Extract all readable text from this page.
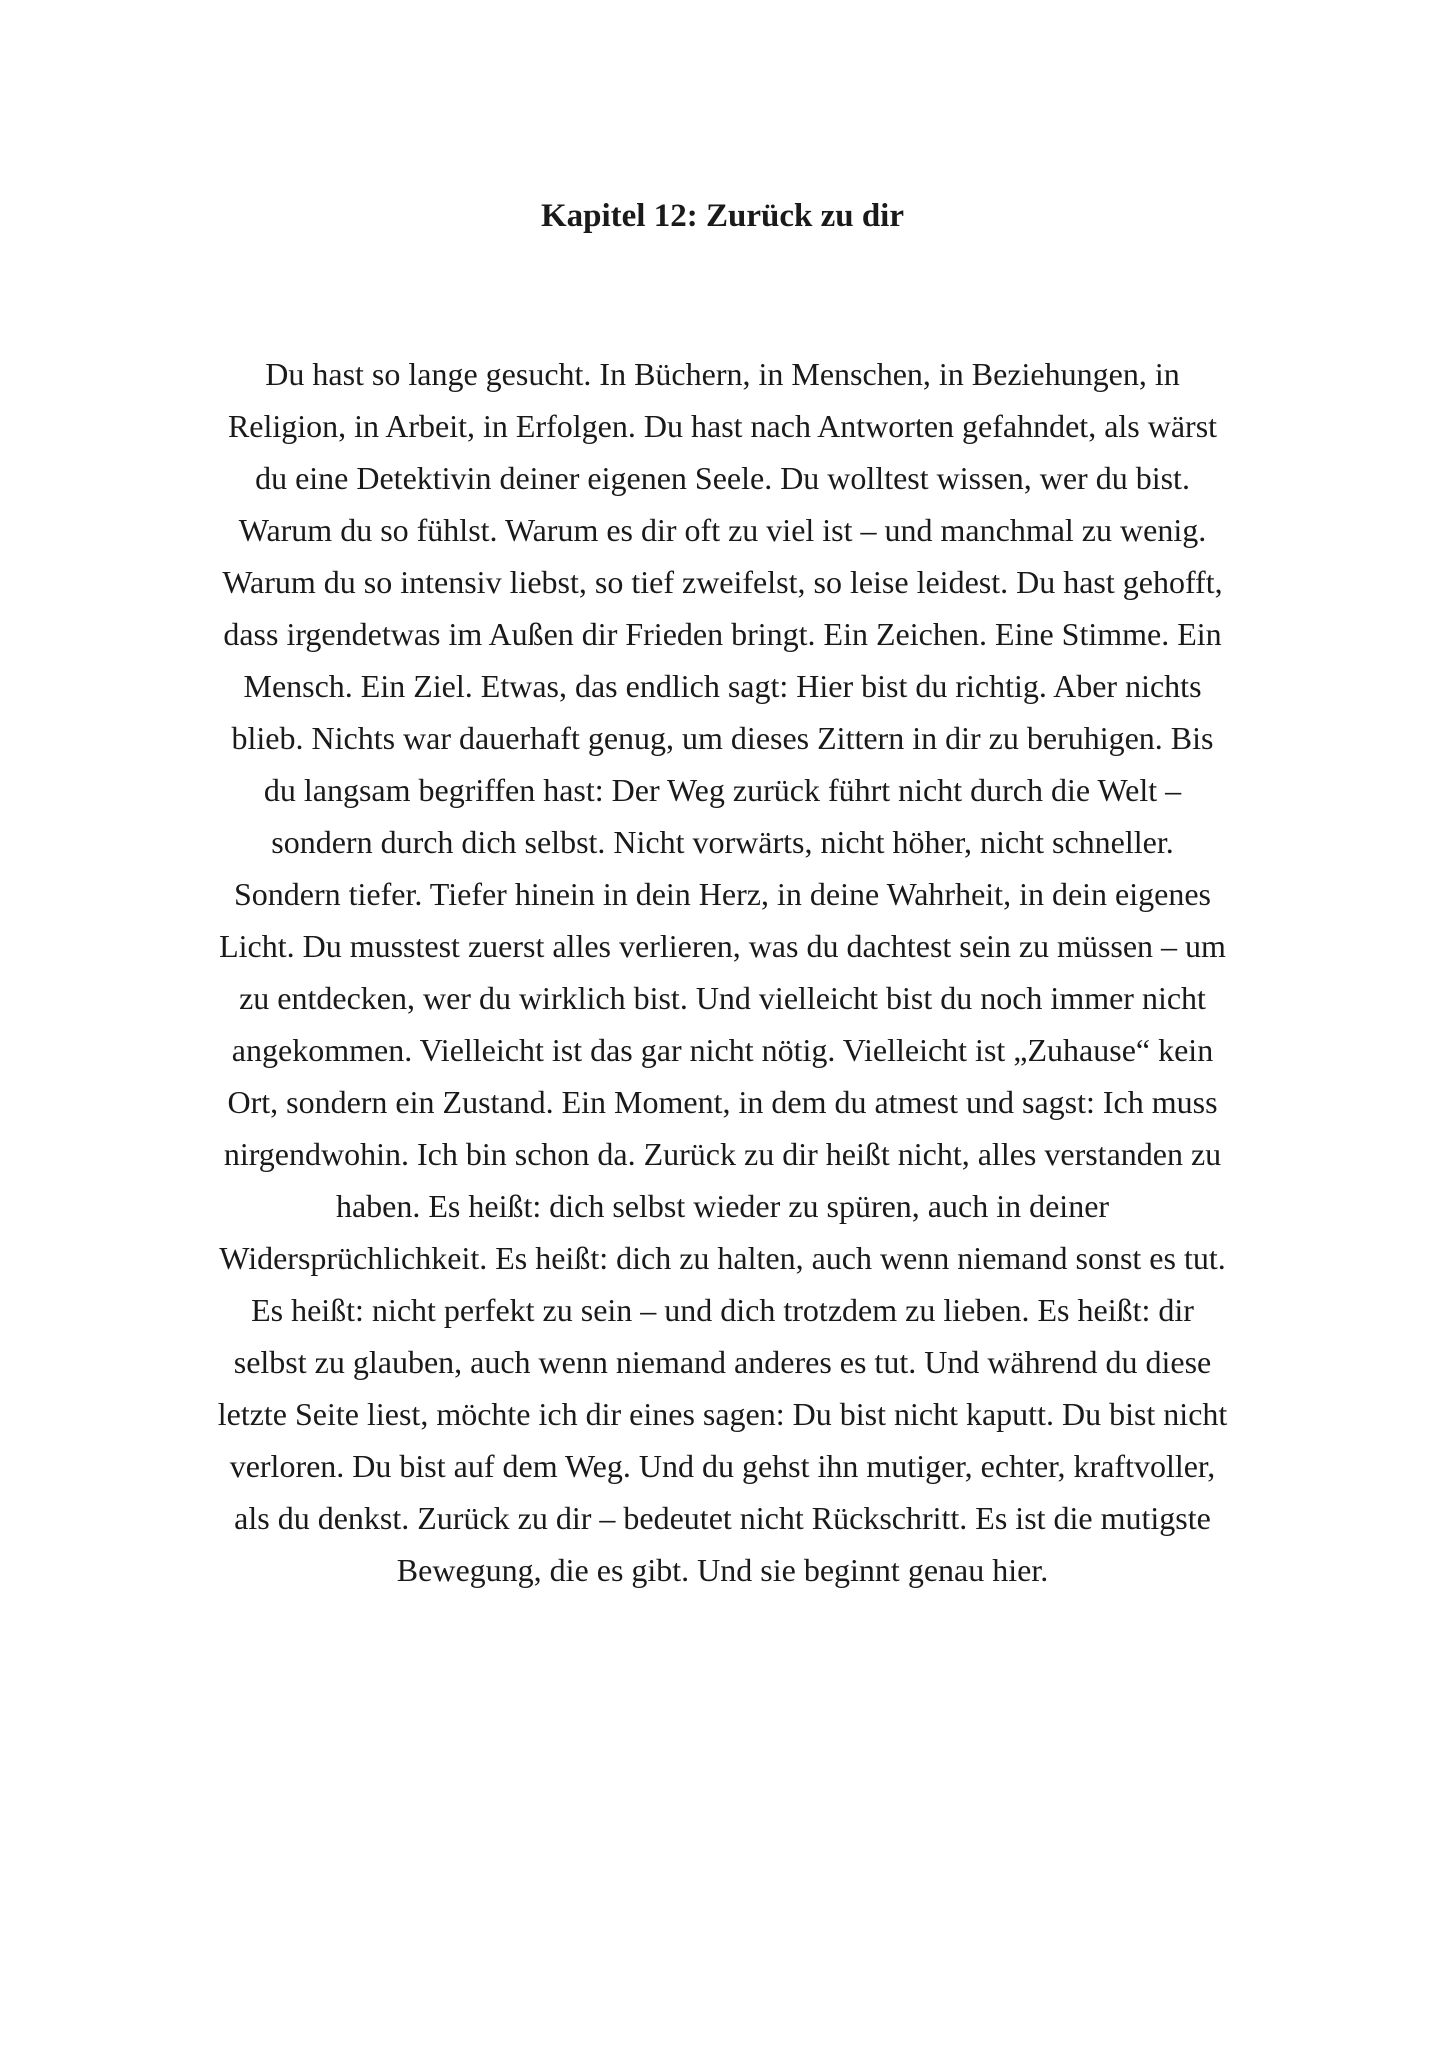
Kapitel 12: Zurück zu dir
Du hast so lange gesucht. In Büchern, in Menschen, in Beziehungen, in
Religion, in Arbeit, in Erfolgen. Du hast nach Antworten gefahndet, als wärst
du eine Detektivin deiner eigenen Seele. Du wolltest wissen, wer du bist.
Warum du so fühlst. Warum es dir oft zu viel ist – und manchmal zu wenig.
Warum du so intensiv liebst, so tief zweifelst, so leise leidest. Du hast gehofft,
dass irgendetwas im Außen dir Frieden bringt. Ein Zeichen. Eine Stimme. Ein
Mensch. Ein Ziel. Etwas, das endlich sagt: Hier bist du richtig. Aber nichts
blieb. Nichts war dauerhaft genug, um dieses Zittern in dir zu beruhigen. Bis
du langsam begriffen hast: Der Weg zurück führt nicht durch die Welt –
sondern durch dich selbst. Nicht vorwärts, nicht höher, nicht schneller.
Sondern tiefer. Tiefer hinein in dein Herz, in deine Wahrheit, in dein eigenes
Licht. Du musstest zuerst alles verlieren, was du dachtest sein zu müssen – um
zu entdecken, wer du wirklich bist. Und vielleicht bist du noch immer nicht
angekommen. Vielleicht ist das gar nicht nötig. Vielleicht ist „Zuhause“ kein
Ort, sondern ein Zustand. Ein Moment, in dem du atmest und sagst: Ich muss
nirgendwohin. Ich bin schon da. Zurück zu dir heißt nicht, alles verstanden zu
haben. Es heißt: dich selbst wieder zu spüren, auch in deiner
Widersprüchlichkeit. Es heißt: dich zu halten, auch wenn niemand sonst es tut.
Es heißt: nicht perfekt zu sein – und dich trotzdem zu lieben. Es heißt: dir
selbst zu glauben, auch wenn niemand anderes es tut. Und während du diese
letzte Seite liest, möchte ich dir eines sagen: Du bist nicht kaputt. Du bist nicht
verloren. Du bist auf dem Weg. Und du gehst ihn mutiger, echter, kraftvoller,
als du denkst. Zurück zu dir – bedeutet nicht Rückschritt. Es ist die mutigste
Bewegung, die es gibt. Und sie beginnt genau hier.
